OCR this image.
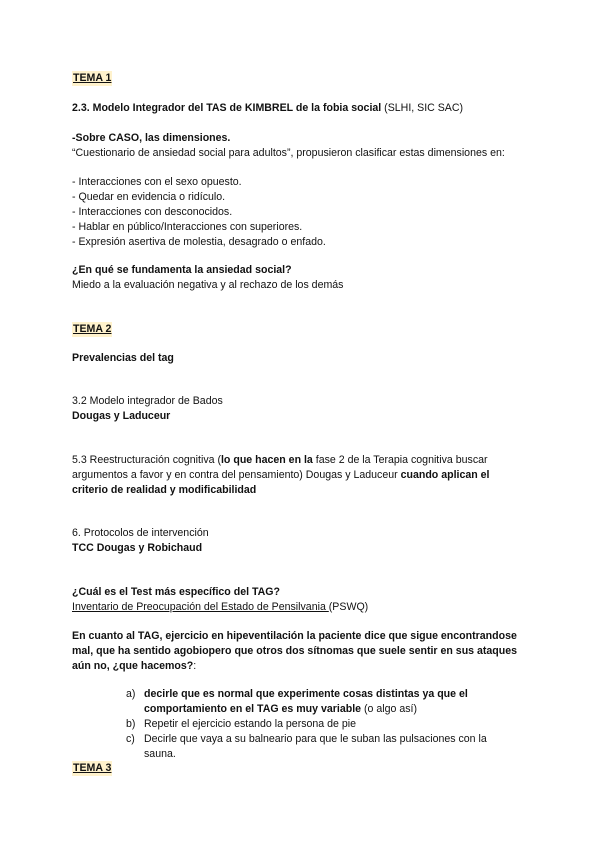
TEMA 1
2.3. Modelo Integrador del TAS de KIMBREL de la fobia social (SLHI, SIC SAC)
-Sobre CASO, las dimensiones.
“Cuestionario de ansiedad social para adultos”, propusieron clasificar estas dimensiones en:
- Interacciones con el sexo opuesto.
- Quedar en evidencia o ridículo.
- Interacciones con desconocidos.
- Hablar en público/Interacciones con superiores.
- Expresión asertiva de molestia, desagrado o enfado.
¿En qué se fundamenta la ansiedad social?
Miedo a la evaluación negativa y al rechazo de los demás
TEMA 2
Prevalencias del tag
3.2 Modelo integrador de Bados
Dougas y Laduceur
5.3 Reestructuración cognitiva (lo que hacen en la fase 2 de la Terapia cognitiva buscar argumentos a favor y en contra del pensamiento) Dougas y Laduceur cuando aplican el criterio de realidad y modificabilidad
6. Protocolos de intervención
TCC Dougas y Robichaud
¿Cuál es el Test más específico del TAG?
Inventario de Preocupación del Estado de Pensilvania (PSWQ)
En cuanto al TAG, ejercicio en hipeventilación la paciente dice que sigue encontrandose mal, que ha sentido agobiopero que otros dos sítnomas que suele sentir en sus ataques aún no, ¿que hacemos?:
a) decirle que es normal que experimente cosas distintas ya que el comportamiento en el TAG es muy variable (o algo así)
b) Repetir el ejercicio estando la persona de pie
c) Decirle que vaya a su balneario para que le suban las pulsaciones con la sauna.
TEMA 3
